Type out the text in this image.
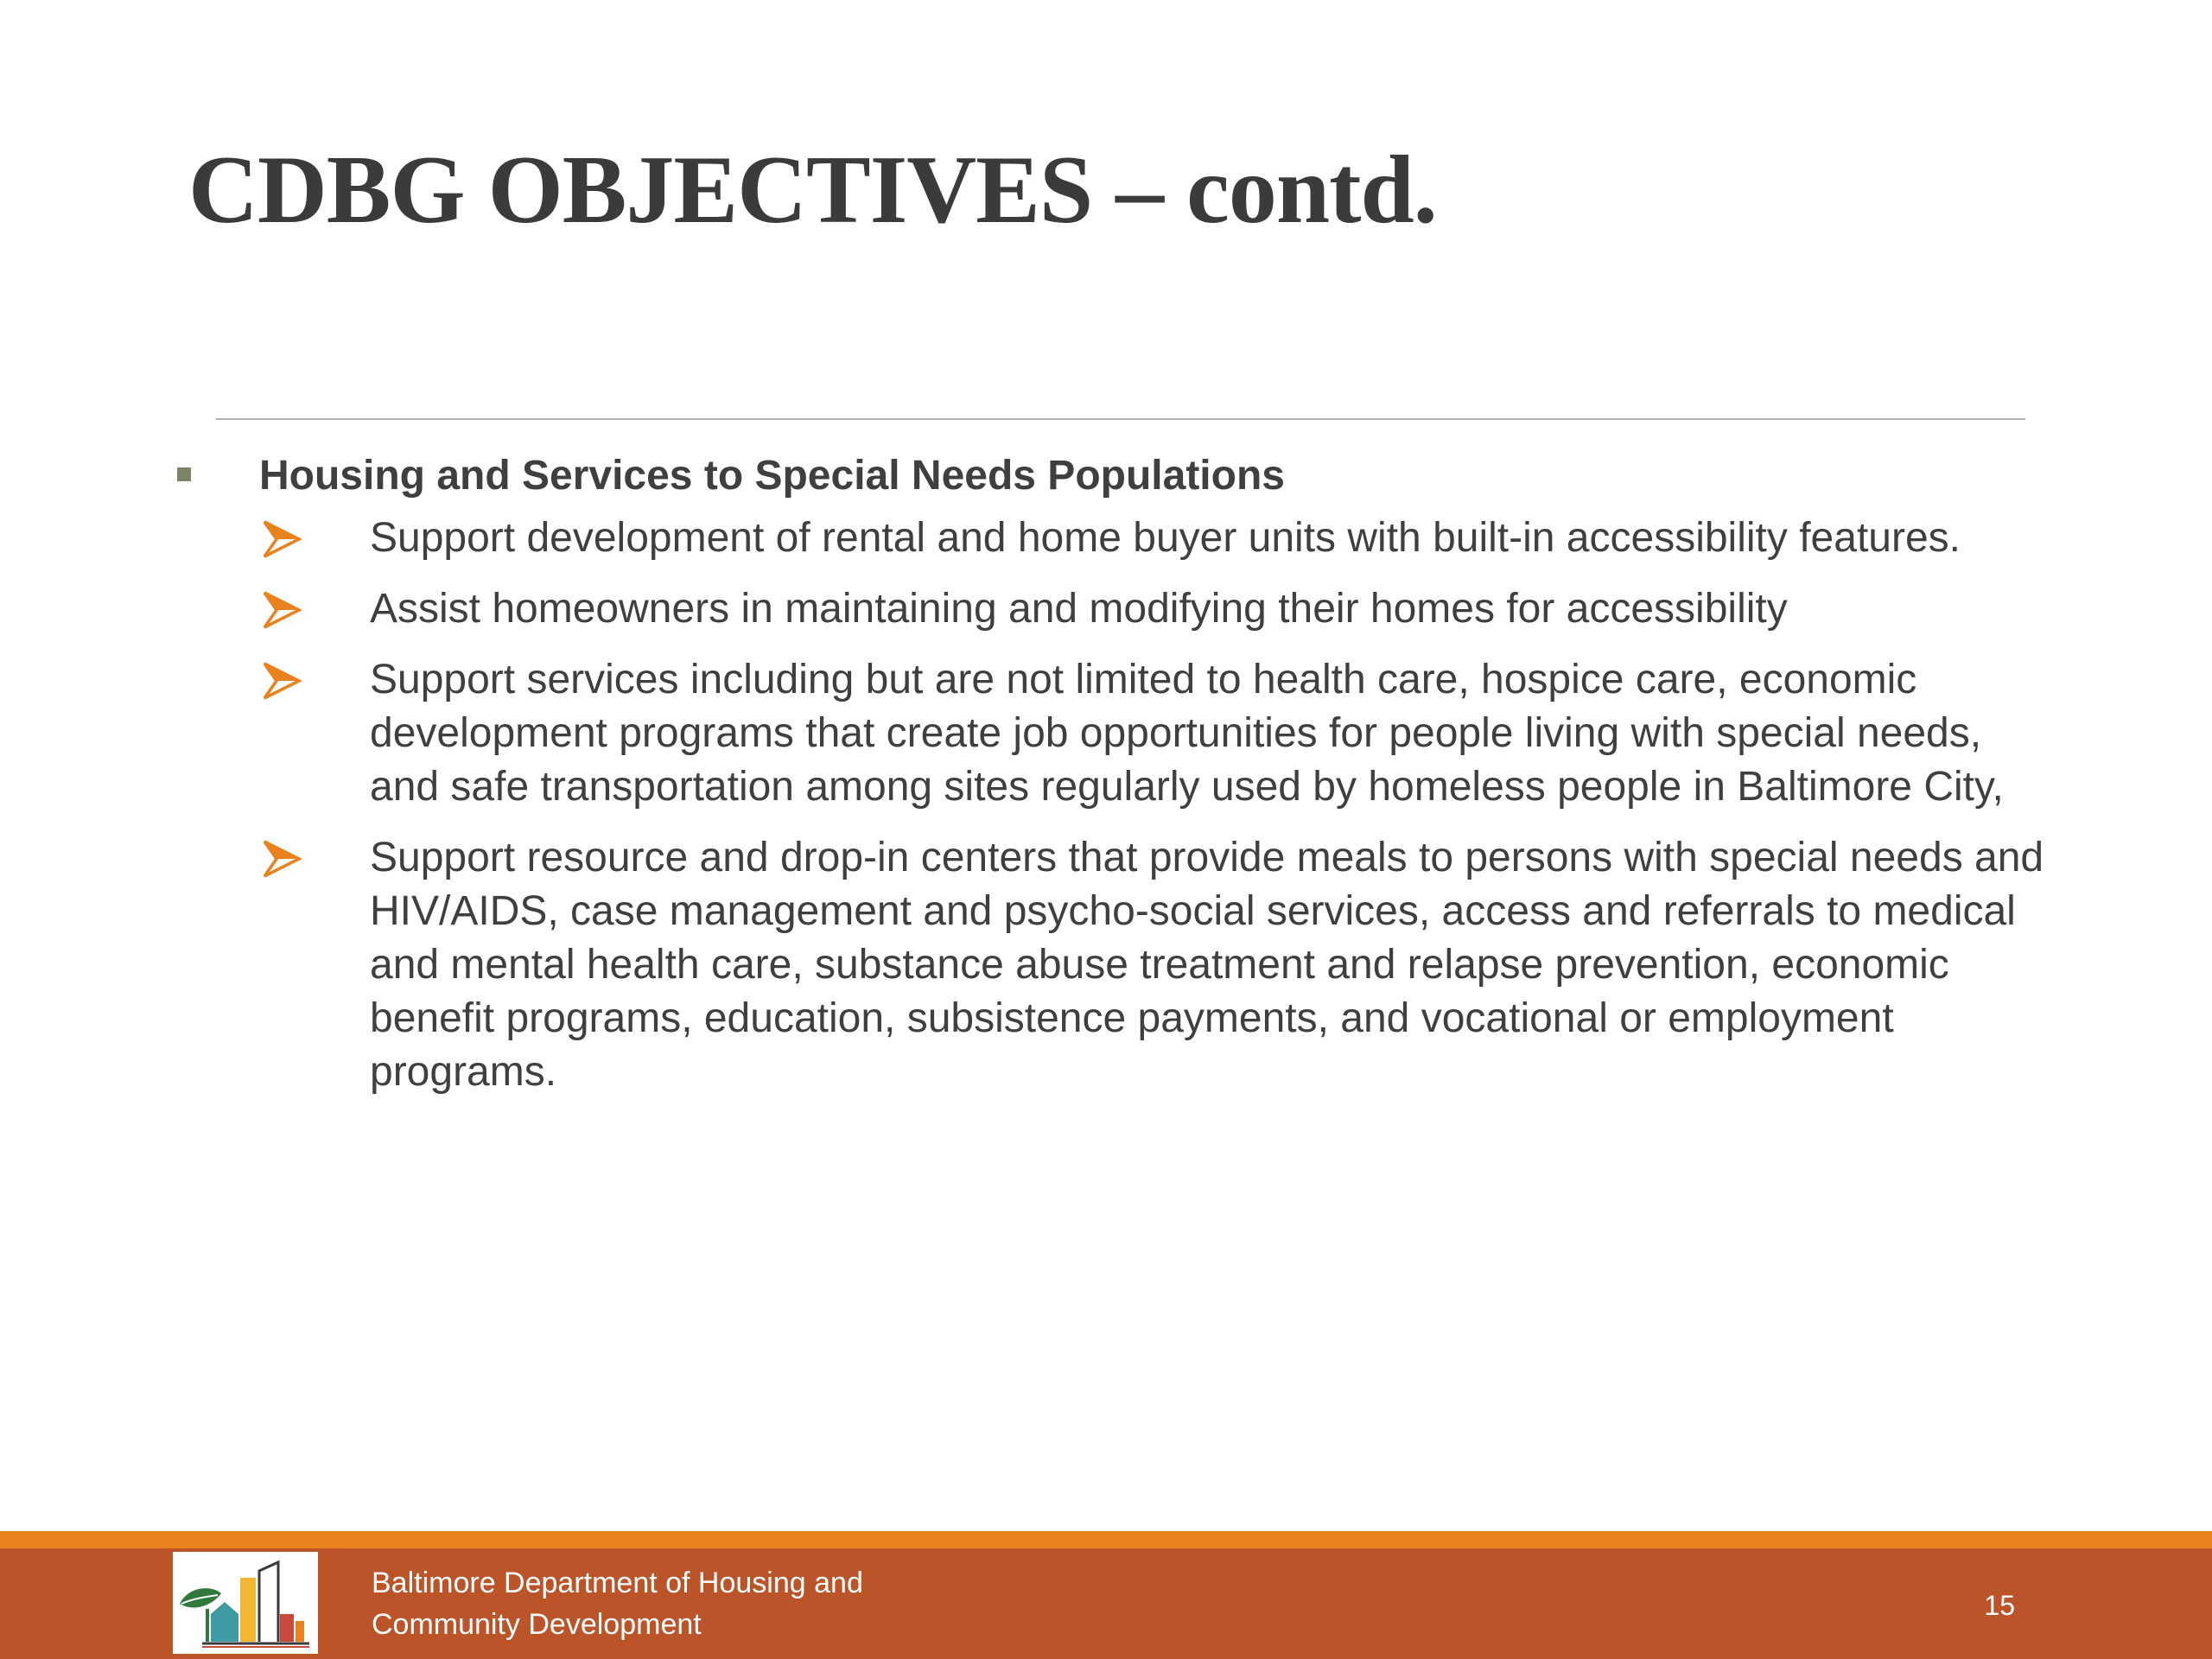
CDBG OBJECTIVES – contd.
Housing and Services to Special Needs Populations
Support development of rental and home buyer units with built-in accessibility features.
Assist homeowners in maintaining and modifying their homes for accessibility
Support services including but are not limited to health care, hospice care, economic development programs that create job opportunities for people living with special needs, and safe transportation among sites regularly used by homeless people in Baltimore City,
Support resource and drop-in centers that provide meals to persons with special needs and HIV/AIDS, case management and psycho-social services, access and referrals to medical and mental health care, substance abuse treatment and relapse prevention, economic benefit programs, education, subsistence payments, and vocational or employment programs.
Baltimore Department of Housing and
Community Development
15
